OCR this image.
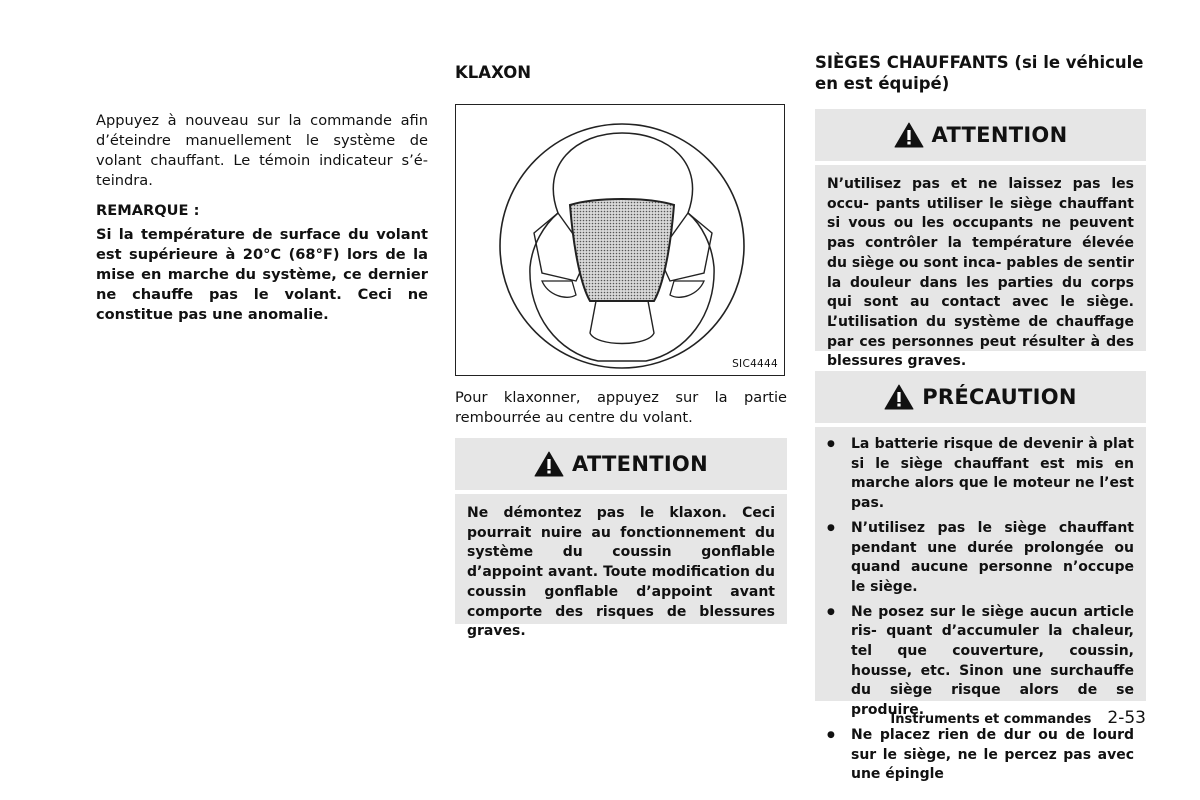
Appuyez à nouveau sur la commande afin d’éteindre manuellement le système de volant chauffant. Le témoin indicateur s’é- teindra.

REMARQUE :

Si la température de surface du volant est supérieure à 20°C (68°F) lors de la mise en marche du système, ce dernier ne chauffe pas le volant. Ceci ne constitue pas une anomalie.

KLAXON
SIC4444

Pour klaxonner, appuyez sur la partie rembourrée au centre du volant.

ATTENTION

Ne démontez pas le klaxon. Ceci pourrait nuire au fonctionnement du système du coussin gonflable d’appoint avant. Toute modification du coussin gonflable d’appoint avant comporte des risques de blessures graves.

SIÈGES CHAUFFANTS (si le véhicule en est équipé)
ATTENTION

N’utilisez pas et ne laissez pas les occu- pants utiliser le siège chauffant si vous ou les occupants ne peuvent pas contrôler la température élevée du siège ou sont inca- pables de sentir la douleur dans les parties du corps qui sont au contact avec le siège. L’utilisation du système de chauffage par ces personnes peut résulter à des blessures graves.

PRÉCAUTION
● La batterie risque de devenir à plat si le siège chauffant est mis en marche alors que le moteur ne l’est pas.
● N’utilisez pas le siège chauffant pendant une durée prolongée ou quand aucune personne n’occupe le siège.
● Ne posez sur le siège aucun article ris- quant d’accumuler la chaleur, tel que couverture, coussin, housse, etc. Sinon une surchauffe du siège risque alors de se produire.
● Ne placez rien de dur ou de lourd sur le siège, ne le percez pas avec une épingle
Instruments et commandes 2-53
